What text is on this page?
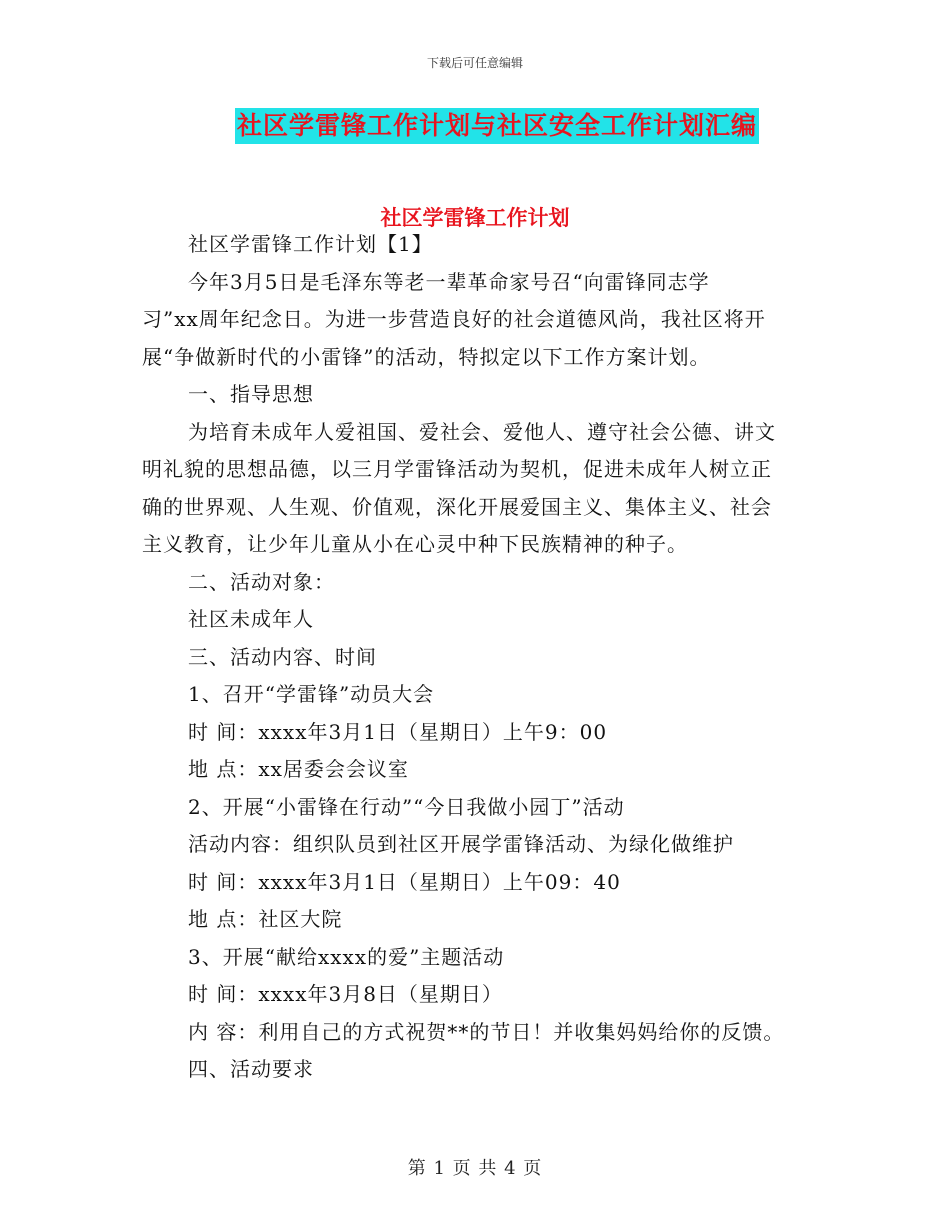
下载后可任意编辑
社区学雷锋工作计划与社区安全工作计划汇编
社区学雷锋工作计划
社区学雷锋工作计划【1】
今年3月5日是毛泽东等老一辈革命家号召“向雷锋同志学
习”xx周年纪念日。为进一步营造良好的社会道德风尚，我社区将开
展“争做新时代的小雷锋”的活动，特拟定以下工作方案计划。
一、指导思想
为培育未成年人爱祖国、爱社会、爱他人、遵守社会公德、讲文
明礼貌的思想品德，以三月学雷锋活动为契机，促进未成年人树立正
确的世界观、人生观、价值观，深化开展爱国主义、集体主义、社会
主义教育，让少年儿童从小在心灵中种下民族精神的种子。
二、活动对象：
社区未成年人
三、活动内容、时间
1、召开“学雷锋”动员大会
时 间：xxxx年3月1日（星期日）上午9：00
地 点：xx居委会会议室
2、开展“小雷锋在行动”“今日我做小园丁”活动
活动内容：组织队员到社区开展学雷锋活动、为绿化做维护
时 间：xxxx年3月1日（星期日）上午09：40
地 点：社区大院
3、开展“献给xxxx的爱”主题活动
时 间：xxxx年3月8日（星期日）
内 容：利用自己的方式祝贺**的节日！并收集妈妈给你的反馈。
四、活动要求
第 1 页 共 4 页
